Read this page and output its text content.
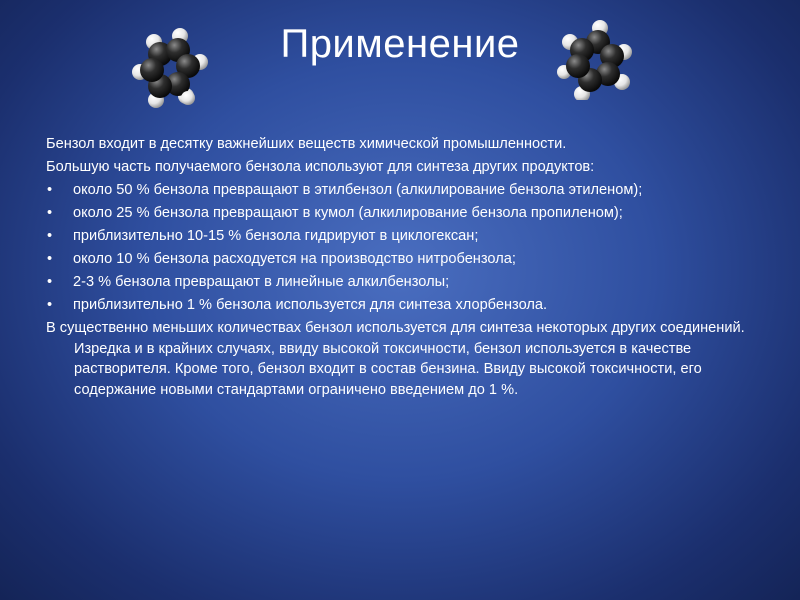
Применение

Бензол входит в десятку важнейших веществ химической промышленности.

Большую часть получаемого бензола используют для синтеза других продуктов:

• около 50 % бензола превращают в этилбензол (алкилирование бензола этиленом);
• около 25 % бензола превращают в кумол (алкилирование бензола пропиленом);
• приблизительно 10-15 % бензола гидрируют в циклогексан;
• около 10 % бензола расходуется на производство нитробензола;
• 2-3 % бензола превращают в линейные алкилбензолы;
• приблизительно 1 % бензола используется для синтеза хлорбензола.

В существенно меньших количествах бензол используется для синтеза некоторых других соединений. Изредка и в крайних случаях, ввиду высокой токсичности, бензол используется в качестве растворителя. Кроме того, бензол входит в состав бензина. Ввиду высокой токсичности, его содержание новыми стандартами ограничено введением до 1 %.
